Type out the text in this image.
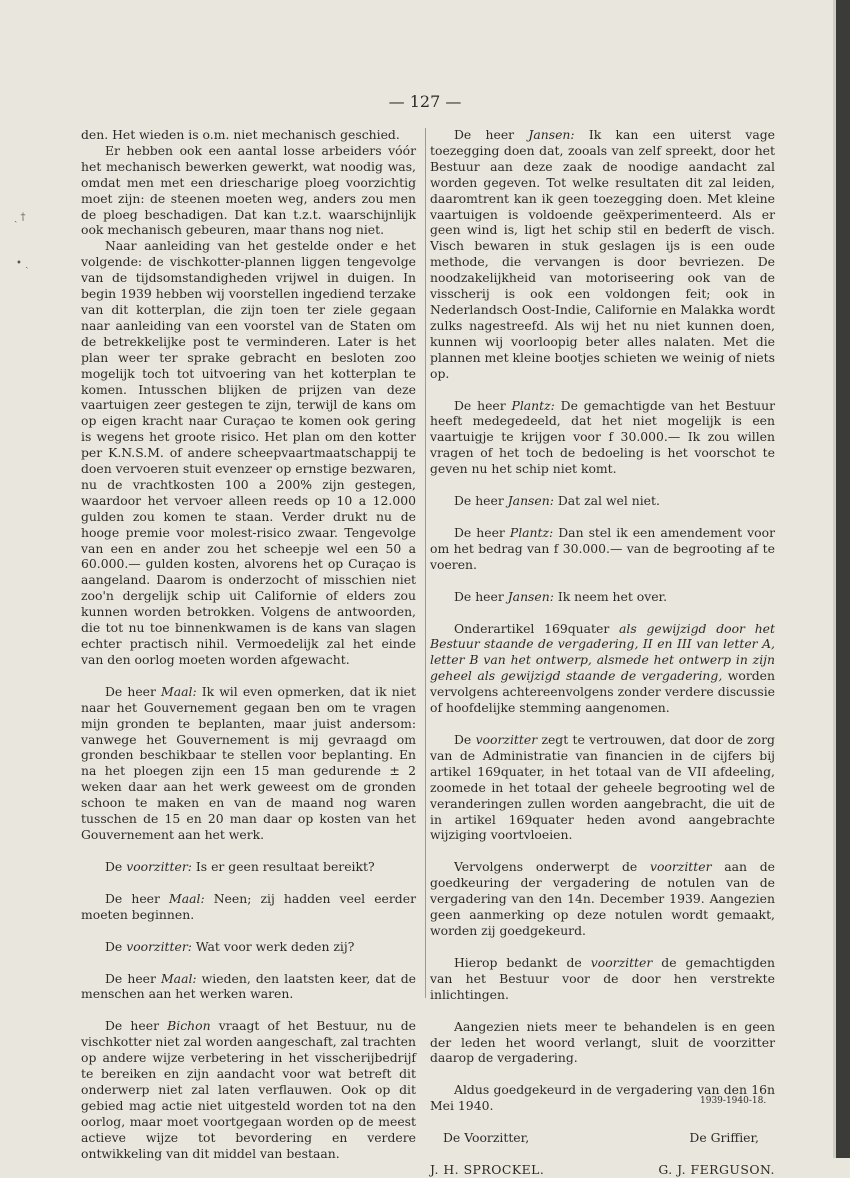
— 127 —
ˎ †
• ˎ

den. Het wieden is o.m. niet mechanisch geschied.

Er hebben ook een aantal losse arbeiders vóór het mechanisch bewerken gewerkt, wat noodig was, omdat men met een driescharige ploeg voorzichtig moet zijn: de steenen moeten weg, anders zou men de ploeg beschadigen. Dat kan t.z.t. waarschijnlijk ook mechanisch gebeuren, maar thans nog niet.

Naar aanleiding van het gestelde onder e het volgende: de vischkotter-plannen liggen tengevolge van de tijdsomstandigheden vrijwel in duigen. In begin 1939 hebben wij voorstellen ingediend terzake van dit kotterplan, die zijn toen ter ziele gegaan naar aanleiding van een voorstel van de Staten om de betrekkelijke post te verminderen. Later is het plan weer ter sprake gebracht en besloten zoo mogelijk toch tot uitvoering van het kotterplan te komen. Intusschen blijken de prijzen van deze vaartuigen zeer gestegen te zijn, terwijl de kans om op eigen kracht naar Curaçao te komen ook gering is wegens het groote risico. Het plan om den kotter per K.N.S.M. of andere scheepvaartmaatschappij te doen vervoeren stuit evenzeer op ernstige bezwaren, nu de vrachtkosten 100 a 200% zijn gestegen, waardoor het vervoer alleen reeds op 10 a 12.000 gulden zou komen te staan. Verder drukt nu de hooge premie voor molest-risico zwaar. Tengevolge van een en ander zou het scheepje wel een 50 a 60.000.— gulden kosten, alvorens het op Curaçao is aangeland. Daarom is onderzocht of misschien niet zoo'n dergelijk schip uit Californie of elders zou kunnen worden betrokken. Volgens de antwoorden, die tot nu toe binnenkwamen is de kans van slagen echter practisch nihil. Vermoedelijk zal het einde van den oorlog moeten worden afgewacht.

De heer Maal: Ik wil even opmerken, dat ik niet naar het Gouvernement gegaan ben om te vragen mijn gronden te beplanten, maar juist andersom: vanwege het Gouvernement is mij gevraagd om gronden beschikbaar te stellen voor beplanting. En na het ploegen zijn een 15 man gedurende ± 2 weken daar aan het werk geweest om de gronden schoon te maken en van de maand nog waren tusschen de 15 en 20 man daar op kosten van het Gouvernement aan het werk.

De voorzitter: Is er geen resultaat bereikt?

De heer Maal: Neen; zij hadden veel eerder moeten beginnen.

De voorzitter: Wat voor werk deden zij?

De heer Maal: wieden, den laatsten keer, dat de menschen aan het werken waren.

De heer Bichon vraagt of het Bestuur, nu de vischkotter niet zal worden aangeschaft, zal trachten op andere wijze verbetering in het visscherijbedrijf te bereiken en zijn aandacht voor wat betreft dit onderwerp niet zal laten verflauwen. Ook op dit gebied mag actie niet uitgesteld worden tot na den oorlog, maar moet voortgegaan worden op de meest actieve wijze tot bevordering en verdere ontwikkeling van dit middel van bestaan.

De heer Jansen: Ik kan een uiterst vage toezegging doen dat, zooals van zelf spreekt, door het Bestuur aan deze zaak de noodige aandacht zal worden gegeven. Tot welke resultaten dit zal leiden, daaromtrent kan ik geen toezegging doen. Met kleine vaartuigen is voldoende geëxperimenteerd. Als er geen wind is, ligt het schip stil en bederft de visch. Visch bewaren in stuk geslagen ijs is een oude methode, die vervangen is door bevriezen. De noodzakelijkheid van motoriseering ook van de visscherij is ook een voldongen feit; ook in Nederlandsch Oost-Indie, Californie en Malakka wordt zulks nagestreefd. Als wij het nu niet kunnen doen, kunnen wij voorloopig beter alles nalaten. Met die plannen met kleine bootjes schieten we weinig of niets op.

De heer Plantz: De gemachtigde van het Bestuur heeft medegedeeld, dat het niet mogelijk is een vaartuigje te krijgen voor f 30.000.— Ik zou willen vragen of het toch de bedoeling is het voorschot te geven nu het schip niet komt.

De heer Jansen: Dat zal wel niet.

De heer Plantz: Dan stel ik een amendement voor om het bedrag van f 30.000.— van de begrooting af te voeren.

De heer Jansen: Ik neem het over.

Onderartikel 169quater als gewijzigd door het Bestuur staande de vergadering, II en III van letter A, letter B van het ontwerp, alsmede het ontwerp in zijn geheel als gewijzigd staande de vergadering, worden vervolgens achtereenvolgens zonder verdere discussie of hoofdelijke stemming aangenomen.

De voorzitter zegt te vertrouwen, dat door de zorg van de Administratie van financien in de cijfers bij artikel 169quater, in het totaal van de VII afdeeling, zoomede in het totaal der geheele begrooting wel de veranderingen zullen worden aangebracht, die uit de in artikel 169quater heden avond aangebrachte wijziging voortvloeien.

Vervolgens onderwerpt de voorzitter aan de goedkeuring der vergadering de notulen van de vergadering van den 14n. December 1939. Aangezien geen aanmerking op deze notulen wordt gemaakt, worden zij goedgekeurd.

Hierop bedankt de voorzitter de gemachtigden van het Bestuur voor de door hen verstrekte inlichtingen.

Aangezien niets meer te behandelen is en geen der leden het woord verlangt, sluit de voorzitter daarop de vergadering.

Aldus goedgekeurd in de vergadering van den 16n Mei 1940.

De Voorzitter,	De Griffier,
J. H. SPROCKEL.	G. J. FERGUSON.
1939-1940-18.
